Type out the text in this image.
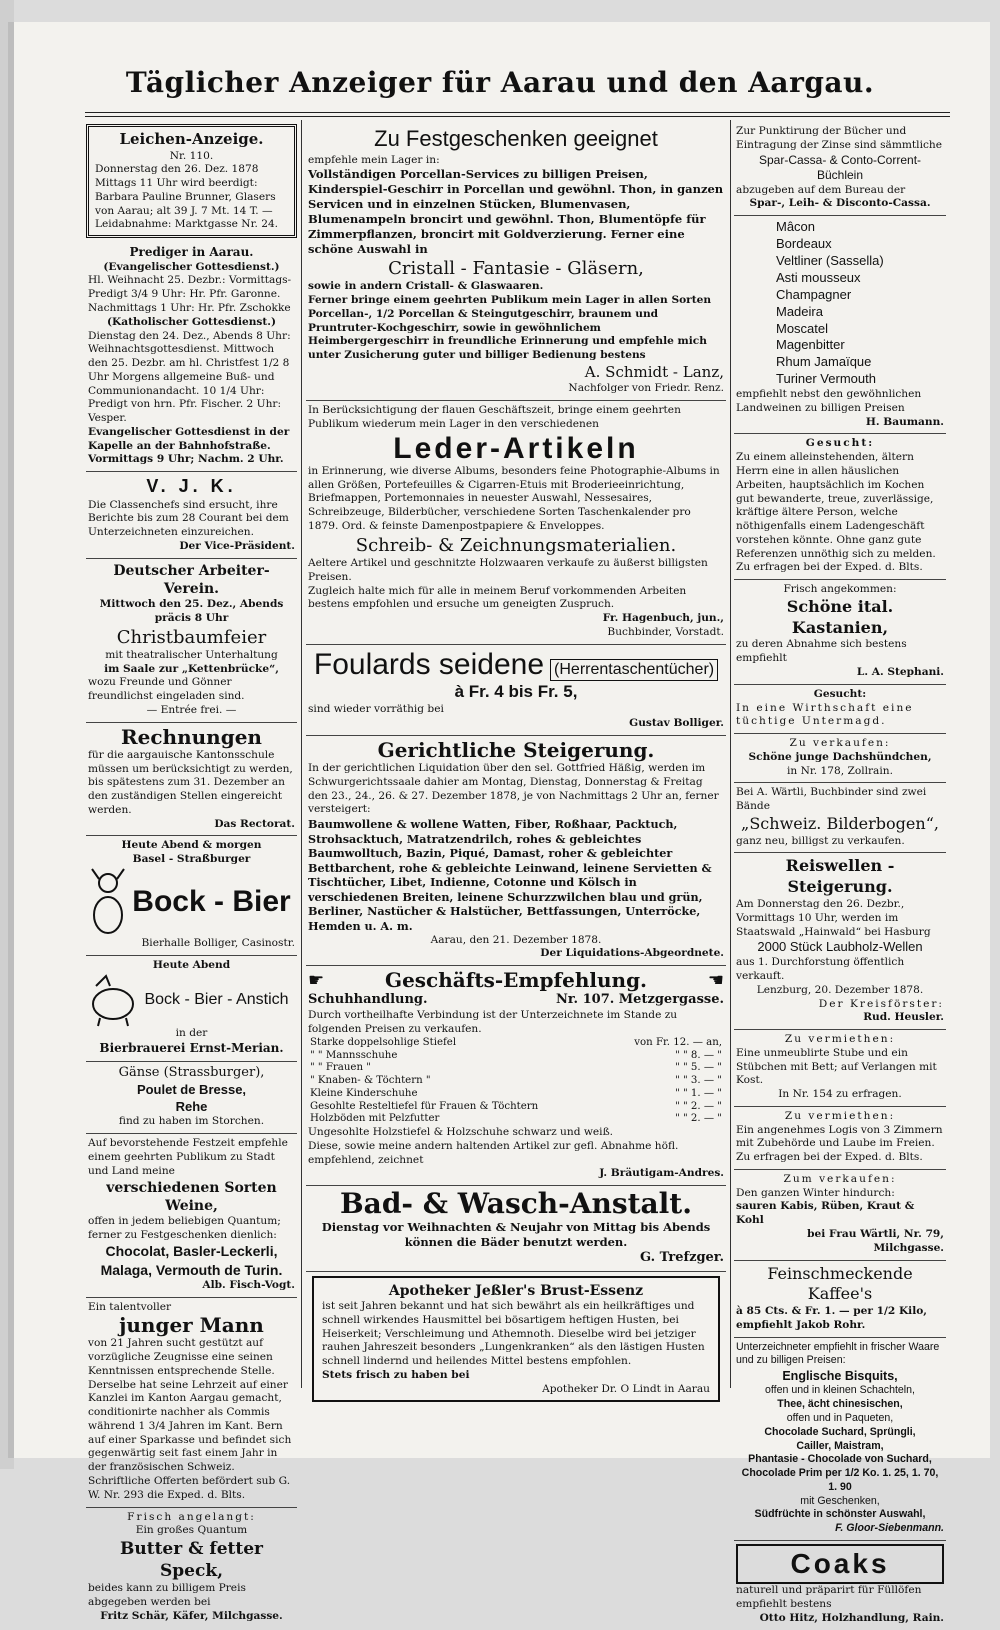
Täglicher Anzeiger für Aarau und den Aargau.
Leichen-Anzeige.
Nr. 110.
Donnerstag den 26. Dez. 1878 Mittags 11 Uhr wird beerdigt: Barbara Pauline Brunner, Glasers von Aarau; alt 39 J. 7 Mt. 14 T. — Leidabnahme: Marktgasse Nr. 24.
Prediger in Aarau.
(Evangelischer Gottesdienst.)
Hl. Weihnacht 25. Dezbr.: Vormittags-Predigt 3/4 9 Uhr: Hr. Pfr. Garonne. Nachmittags 1 Uhr: Hr. Pfr. Zschokke
(Katholischer Gottesdienst.)
Dienstag den 24. Dez., Abends 8 Uhr: Weihnachtsgottesdienst. Mittwoch den 25. Dezbr. am hl. Christfest 1/2 8 Uhr Morgens allgemeine Buß- und Communionandacht. 10 1/4 Uhr: Predigt von hrn. Pfr. Fischer. 2 Uhr: Vesper.
Evangelischer Gottesdienst in der Kapelle an der Bahnhofstraße. Vormittags 9 Uhr; Nachm. 2 Uhr.
V. J. K.
Die Classenchefs sind ersucht, ihre Berichte bis zum 28 Courant bei dem Unterzeichneten einzureichen.
Der Vice-Präsident.
Deutscher Arbeiter-Verein.
Mittwoch den 25. Dez., Abends präcis 8 Uhr
Christbaumfeier
mit theatralischer Unterhaltung
im Saale zur „Kettenbrücke“,
wozu Freunde und Gönner freundlichst eingeladen sind.
— Entrée frei. —
Rechnungen
für die aargauische Kantonsschule müssen um berücksichtigt zu werden, bis spätestens zum 31. Dezember an den zuständigen Stellen eingereicht werden.
Das Rectorat.
Heute Abend & morgen
Basel - Straßburger
Bock - Bier
Bierhalle Bolliger, Casinostr.
Heute Abend
Bock - Bier - Anstich
in der
Bierbrauerei Ernst-Merian.
Gänse (Strassburger),
Poulet de Bresse,
Rehe
find zu haben im Storchen.
Auf bevorstehende Festzeit empfehle einem geehrten Publikum zu Stadt und Land meine
verschiedenen Sorten Weine,
offen in jedem beliebigen Quantum; ferner zu Festgeschenken dienlich:
Chocolat, Basler-Leckerli,
Malaga, Vermouth de Turin.
Alb. Fisch-Vogt.
Ein talentvoller
junger Mann
von 21 Jahren sucht gestützt auf vorzügliche Zeugnisse eine seinen Kenntnissen entsprechende Stelle. Derselbe hat seine Lehrzeit auf einer Kanzlei im Kanton Aargau gemacht, conditionirte nachher als Commis während 1 3/4 Jahren im Kant. Bern auf einer Sparkasse und befindet sich gegenwärtig seit fast einem Jahr in der französischen Schweiz.
Schriftliche Offerten befördert sub G. W. Nr. 293 die Exped. d. Blts.
Frisch angelangt:
Ein großes Quantum
Butter & fetter Speck,
beides kann zu billigem Preis abgegeben werden bei
Fritz Schär, Käfer, Milchgasse.
Zu Festgeschenken geeignet
empfehle mein Lager in:
Vollständigen Porcellan-Services zu billigen Preisen, Kinderspiel-Geschirr in Porcellan und gewöhnl. Thon, in ganzen Servicen und in einzelnen Stücken, Blumenvasen, Blumenampeln broncirt und gewöhnl. Thon, Blumentöpfe für Zimmerpflanzen, broncirt mit Goldverzierung. Ferner eine schöne Auswahl in
Cristall - Fantasie - Gläsern,
sowie in andern Cristall- & Glaswaaren.
Ferner bringe einem geehrten Publikum mein Lager in allen Sorten
Porcellan-, 1/2 Porcellan & Steingutgeschirr, braunem und Pruntruter-Kochgeschirr, sowie in gewöhnlichem Heimbergergeschirr in freundliche Erinnerung und empfehle mich unter Zusicherung guter und billiger Bedienung bestens
A. Schmidt - Lanz,
Nachfolger von Friedr. Renz.
In Berücksichtigung der flauen Geschäftszeit, bringe einem geehrten Publikum wiederum mein Lager in den verschiedenen
Leder-Artikeln
in Erinnerung, wie diverse Albums, besonders feine Photographie-Albums in allen Größen, Portefeuilles & Cigarren-Etuis mit Broderieeinrichtung, Briefmappen, Portemonnaies in neuester Auswahl, Nessesaires, Schreibzeuge, Bilderbücher, verschiedene Sorten Taschenkalender pro 1879. Ord. & feinste Damenpostpapiere & Enveloppes.
Schreib- & Zeichnungsmaterialien.
Aeltere Artikel und geschnitzte Holzwaaren verkaufe zu äußerst billigsten Preisen.
Zugleich halte mich für alle in meinem Beruf vorkommenden Arbeiten bestens empfohlen und ersuche um geneigten Zuspruch.
Fr. Hagenbuch, jun.,
Buchbinder, Vorstadt.
Foulards seidene (Herrentaschentücher)
à Fr. 4 bis Fr. 5,
sind wieder vorräthig bei
Gustav Bolliger.
Gerichtliche Steigerung.
In der gerichtlichen Liquidation über den sel. Gottfried Häßig, werden im Schwurgerichtssaale dahier am Montag, Dienstag, Donnerstag & Freitag den 23., 24., 26. & 27. Dezember 1878, je von Nachmittags 2 Uhr an, ferner versteigert:
Baumwollene & wollene Watten, Fiber, Roßhaar, Packtuch, Strohsacktuch, Matratzendrilch, rohes & gebleichtes Baumwolltuch, Bazin, Piqué, Damast, roher & gebleichter Bettbarchent, rohe & gebleichte Leinwand, leinene Servietten & Tischtücher, Libet, Indienne, Cotonne und Kölsch in verschiedenen Breiten, leinene Schurzzwilchen blau und grün, Berliner, Nastücher & Halstücher, Bettfassungen, Unterröcke, Hemden u. A. m.
Aarau, den 21. Dezember 1878.
Der Liquidations-Abgeordnete.
☛	Geschäfts-Empfehlung.	☚
Schuhhandlung.	Nr. 107. Metzgergasse.
Durch vortheilhafte Verbindung ist der Unterzeichnete im Stande zu folgenden Preisen zu verkaufen.
Starke doppelsohlige Stiefel	von Fr. 12. — an,
" " Mannsschuhe	" " 8. — "
" " Frauen "	" " 5. — "
" Knaben- & Töchtern "	" " 3. — "
Kleine Kinderschuhe	" " 1. — "
Gesohlte Resteltiefel für Frauen & Töchtern	" " 2. — "
Holzböden mit Pelzfutter	" " 2. — "
Ungesohlte Holzstiefel & Holzschuhe schwarz und weiß.
Diese, sowie meine andern haltenden Artikel zur gefl. Abnahme höfl. empfehlend, zeichnet
J. Bräutigam-Andres.
Bad- & Wasch-Anstalt.
Dienstag vor Weihnachten & Neujahr von Mittag bis Abends können die Bäder benutzt werden.
G. Trefzger.
Apotheker Jeßler's Brust-Essenz
ist seit Jahren bekannt und hat sich bewährt als ein heilkräftiges und schnell wirkendes Hausmittel bei bösartigem heftigen Husten, bei Heiserkeit; Verschleimung und Athemnoth. Dieselbe wird bei jetziger rauhen Jahreszeit besonders „Lungenkranken“ als den lästigen Husten schnell lindernd und heilendes Mittel bestens empfohlen.
Stets frisch zu haben bei
Apotheker Dr. O Lindt in Aarau
Zur Punktirung der Bücher und Eintragung der Zinse sind sämmtliche
Spar-Cassa- & Conto-Corrent-Büchlein
abzugeben auf dem Bureau der
Spar-, Leih- & Disconto-Cassa.
Mâcon
Bordeaux
Veltliner (Sassella)
Asti mousseux
Champagner
Madeira
Moscatel
Magenbitter
Rhum Jamaïque
Turiner Vermouth
empfiehlt nebst den gewöhnlichen Landweinen zu billigen Preisen
H. Baumann.
Gesucht:
Zu einem alleinstehenden, ältern Herrn eine in allen häuslichen Arbeiten, hauptsächlich im Kochen gut bewanderte, treue, zuverlässige, kräftige ältere Person, welche nöthigenfalls einem Ladengeschäft vorstehen könnte. Ohne ganz gute Referenzen unnöthig sich zu melden. Zu erfragen bei der Exped. d. Blts.
Frisch angekommen:
Schöne ital. Kastanien,
zu deren Abnahme sich bestens empfiehlt
L. A. Stephani.
Gesucht:
In eine Wirthschaft eine tüchtige Untermagd.
Zu verkaufen:
Schöne junge Dachshündchen,
in Nr. 178, Zollrain.
Bei A. Wärtli, Buchbinder sind zwei Bände
„Schweiz. Bilderbogen“,
ganz neu, billigst zu verkaufen.
Reiswellen - Steigerung.
Am Donnerstag den 26. Dezbr., Vormittags 10 Uhr, werden im Staatswald „Hainwald“ bei Hasburg
2000 Stück Laubholz-Wellen
aus 1. Durchforstung öffentlich verkauft.
Lenzburg, 20. Dezember 1878.
Der Kreisförster:
Rud. Heusler.
Zu vermiethen:
Eine unmeublirte Stube und ein Stübchen mit Bett; auf Verlangen mit Kost.
In Nr. 154 zu erfragen.
Zu vermiethen:
Ein angenehmes Logis von 3 Zimmern mit Zubehörde und Laube im Freien. Zu erfragen bei der Exped. d. Blts.
Zum verkaufen:
Den ganzen Winter hindurch:
sauren Kabis, Rüben, Kraut & Kohl
bei Frau Wärtli, Nr. 79, Milchgasse.
Feinschmeckende Kaffee's
à 85 Cts. & Fr. 1. — per 1/2 Kilo,
empfiehlt Jakob Rohr.
Unterzeichneter empfiehlt in frischer Waare und zu billigen Preisen:
Englische Bisquits,
offen und in kleinen Schachteln,
Thee, ächt chinesischen,
offen und in Paqueten,
Chocolade Suchard, Sprüngli,
Cailler, Maistram,
Phantasie - Chocolade von Suchard,
Chocolade Prim per 1/2 Ko. 1. 25, 1. 70, 1. 90
mit Geschenken,
Südfrüchte in schönster Auswahl,
F. Gloor-Siebenmann.
Coaks
naturell und präparirt für Füllöfen empfiehlt bestens
Otto Hitz, Holzhandlung, Rain.
